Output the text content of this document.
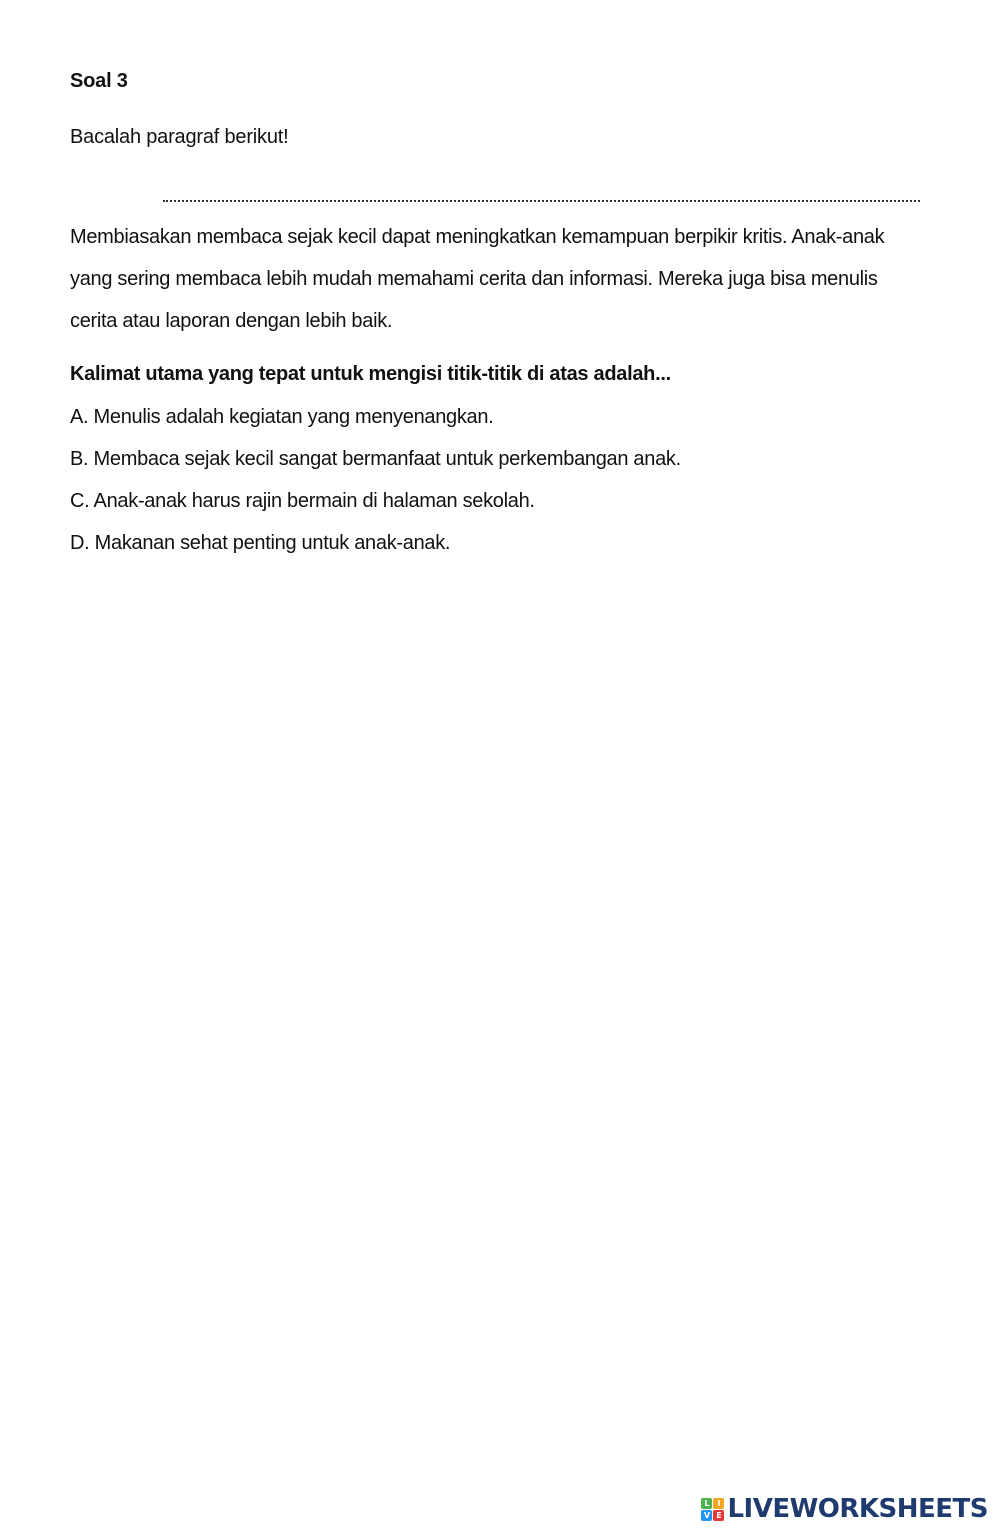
Soal 3
Bacalah paragraf berikut!
Membiasakan membaca sejak kecil dapat meningkatkan kemampuan berpikir kritis. Anak-anak
yang sering membaca lebih mudah memahami cerita dan informasi. Mereka juga bisa menulis
cerita atau laporan dengan lebih baik.
Kalimat utama yang tepat untuk mengisi titik-titik di atas adalah...
A. Menulis adalah kegiatan yang menyenangkan.
B. Membaca sejak kecil sangat bermanfaat untuk perkembangan anak.
C. Anak-anak harus rajin bermain di halaman sekolah.
D. Makanan sehat penting untuk anak-anak.
L I
V E LIVEWORKSHEETS
